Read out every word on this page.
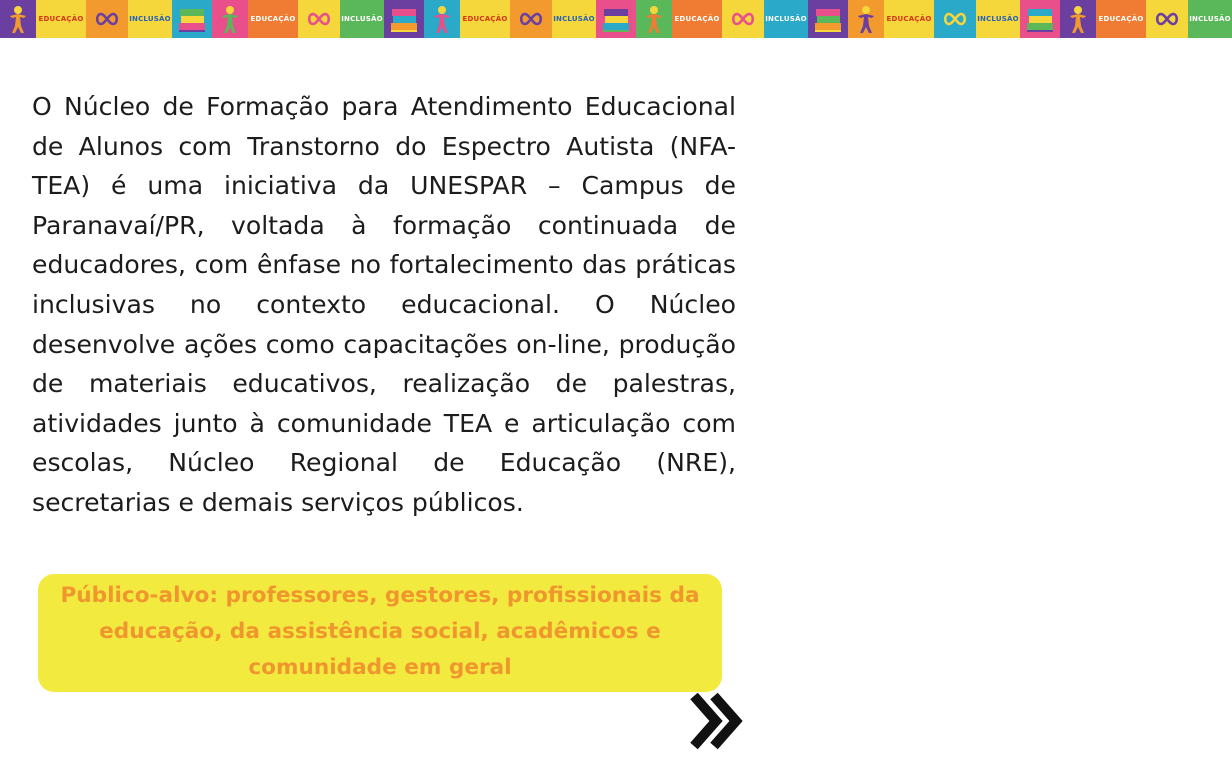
EDUCAÇÃO	INCLUSÃO	EDUCAÇÃO	INCLUSÃO	EDUCAÇÃO	INCLUSÃO	EDUCAÇÃO	INCLUSÃO	EDUCAÇÃO	INCLUSÃO	EDUCAÇÃO	INCLUSÃO

O Núcleo de Formação para Atendimento Educacional de Alunos com Transtorno do Espectro Autista (NFA-TEA) é uma iniciativa da UNESPAR – Campus de Paranavaí/PR, voltada à formação continuada de educadores, com ênfase no fortalecimento das práticas inclusivas no contexto educacional. O Núcleo desenvolve ações como capacitações on-line, produção de materiais educativos, realização de palestras, atividades junto à comunidade TEA e articulação com escolas, Núcleo Regional de Educação (NRE), secretarias e demais serviços públicos.

Público-alvo: professores, gestores, profissionais da educação, da assistência social, acadêmicos e comunidade em geral
